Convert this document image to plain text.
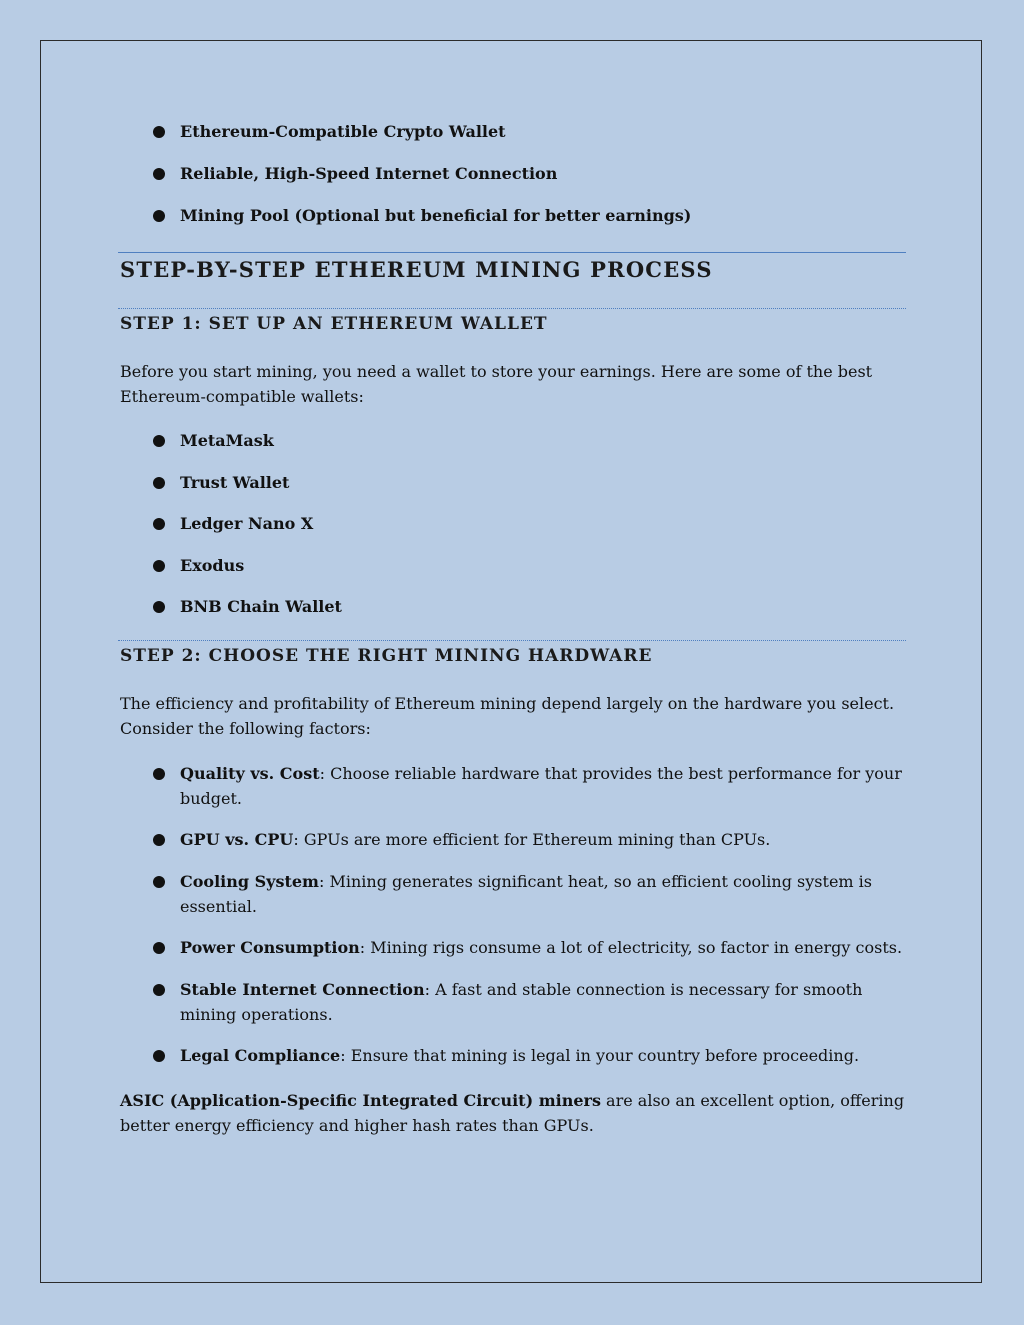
Ethereum-Compatible Crypto Wallet
Reliable, High-Speed Internet Connection
Mining Pool (Optional but beneficial for better earnings)
STEP-BY-STEP ETHEREUM MINING PROCESS
STEP 1: SET UP AN ETHEREUM WALLET

Before you start mining, you need a wallet to store your earnings. Here are some of the best Ethereum-compatible wallets:

MetaMask
Trust Wallet
Ledger Nano X
Exodus
BNB Chain Wallet
STEP 2: CHOOSE THE RIGHT MINING HARDWARE

The efficiency and profitability of Ethereum mining depend largely on the hardware you select. Consider the following factors:

Quality vs. Cost: Choose reliable hardware that provides the best performance for your budget.
GPU vs. CPU: GPUs are more efficient for Ethereum mining than CPUs.
Cooling System: Mining generates significant heat, so an efficient cooling system is essential.
Power Consumption: Mining rigs consume a lot of electricity, so factor in energy costs.
Stable Internet Connection: A fast and stable connection is necessary for smooth mining operations.
Legal Compliance: Ensure that mining is legal in your country before proceeding.

ASIC (Application-Specific Integrated Circuit) miners are also an excellent option, offering better energy efficiency and higher hash rates than GPUs.
